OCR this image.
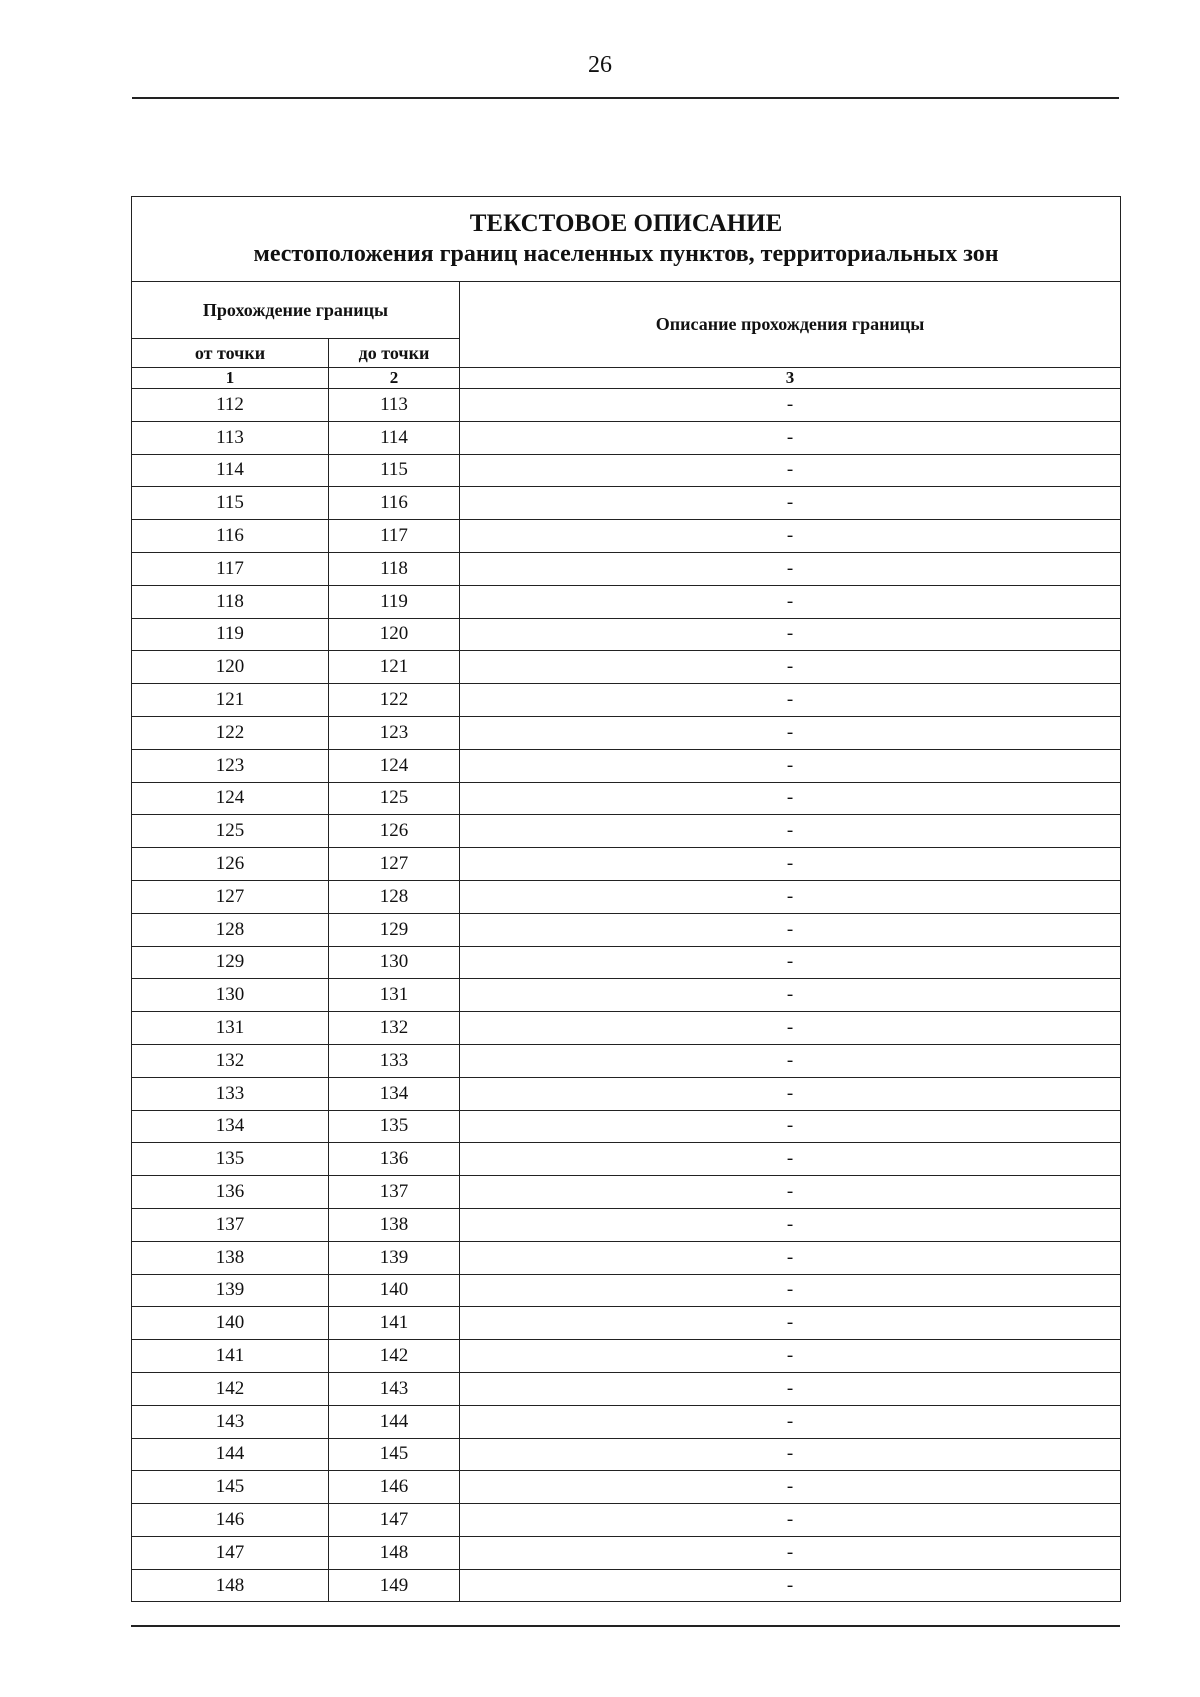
26
ТЕКСТОВОЕ ОПИСАНИЕ
местоположения границ населенных пунктов, территориальных зон		

Прохождение границы		Описание прохождения границы
от точки	до точки	
1	2	3
112	113	-
113	114	-
114	115	-
115	116	-
116	117	-
117	118	-
118	119	-
119	120	-
120	121	-
121	122	-
122	123	-
123	124	-
124	125	-
125	126	-
126	127	-
127	128	-
128	129	-
129	130	-
130	131	-
131	132	-
132	133	-
133	134	-
134	135	-
135	136	-
136	137	-
137	138	-
138	139	-
139	140	-
140	141	-
141	142	-
142	143	-
143	144	-
144	145	-
145	146	-
146	147	-
147	148	-
148	149	-
